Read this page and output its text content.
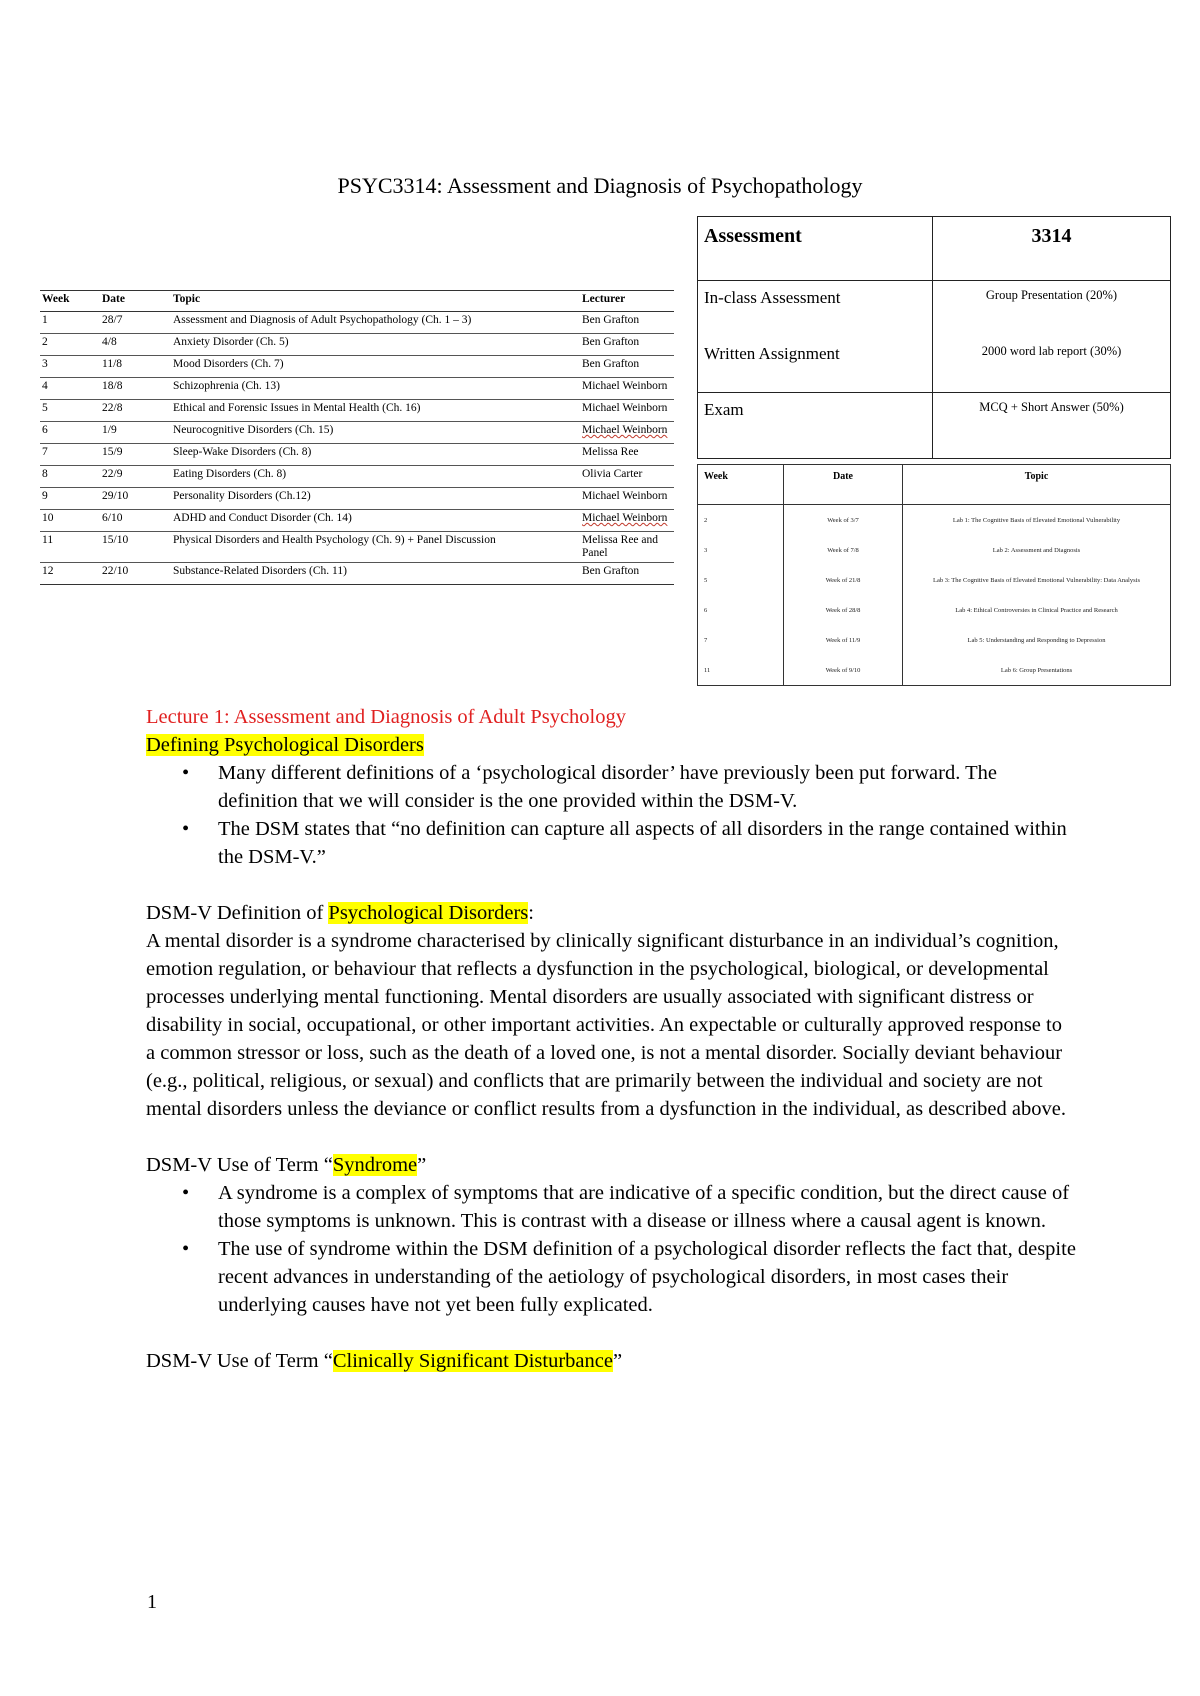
PSYC3314: Assessment and Diagnosis of Psychopathology
Week	Date	Topic	Lecturer
1	28/7	Assessment and Diagnosis of Adult Psychopathology (Ch. 1 – 3)	Ben Grafton
2	4/8	Anxiety Disorder (Ch. 5)	Ben Grafton
3	11/8	Mood Disorders (Ch. 7)	Ben Grafton
4	18/8	Schizophrenia (Ch. 13)	Michael Weinborn
5	22/8	Ethical and Forensic Issues in Mental Health (Ch. 16)	Michael Weinborn
6	1/9	Neurocognitive Disorders (Ch. 15)	Michael Weinborn
7	15/9	Sleep-Wake Disorders (Ch. 8)	Melissa Ree
8	22/9	Eating Disorders (Ch. 8)	Olivia Carter
9	29/10	Personality Disorders (Ch.12)	Michael Weinborn
10	6/10	ADHD and Conduct Disorder (Ch. 14)	Michael Weinborn
11	15/10	Physical Disorders and Health Psychology (Ch. 9) + Panel Discussion	Melissa Ree and Panel
12	22/10	Substance-Related Disorders (Ch. 11)	Ben Grafton
Assessment	3314
In-class Assessment	Group Presentation (20%)
Written Assignment	2000 word lab report (30%)
Exam	MCQ + Short Answer (50%)
Week	Date	Topic
2	Week of 3/7	Lab 1: The Cognitive Basis of Elevated Emotional Vulnerability
3	Week of 7/8	Lab 2: Assessment and Diagnosis
5	Week of 21/8	Lab 3: The Cognitive Basis of Elevated Emotional Vulnerability: Data Analysis
6	Week of 28/8	Lab 4: Ethical Controversies in Clinical Practice and Research
7	Week of 11/9	Lab 5: Understanding and Responding to Depression
11	Week of 9/10	Lab 6: Group Presentations
Lecture 1: Assessment and Diagnosis of Adult Psychology
Defining Psychological Disorders
• Many different definitions of a ‘psychological disorder’ have previously been put forward. The definition that we will consider is the one provided within the DSM-V.
• The DSM states that “no definition can capture all aspects of all disorders in the range contained within the DSM-V.”
DSM-V Definition of Psychological Disorders:
A mental disorder is a syndrome characterised by clinically significant disturbance in an individual’s cognition, emotion regulation, or behaviour that reflects a dysfunction in the psychological, biological, or developmental processes underlying mental functioning. Mental disorders are usually associated with significant distress or disability in social, occupational, or other important activities. An expectable or culturally approved response to a common stressor or loss, such as the death of a loved one, is not a mental disorder. Socially deviant behaviour (e.g., political, religious, or sexual) and conflicts that are primarily between the individual and society are not mental disorders unless the deviance or conflict results from a dysfunction in the individual, as described above.
DSM-V Use of Term “Syndrome”
• A syndrome is a complex of symptoms that are indicative of a specific condition, but the direct cause of those symptoms is unknown. This is contrast with a disease or illness where a causal agent is known.
• The use of syndrome within the DSM definition of a psychological disorder reflects the fact that, despite recent advances in understanding of the aetiology of psychological disorders, in most cases their underlying causes have not yet been fully explicated.
DSM-V Use of Term “Clinically Significant Disturbance”
1
